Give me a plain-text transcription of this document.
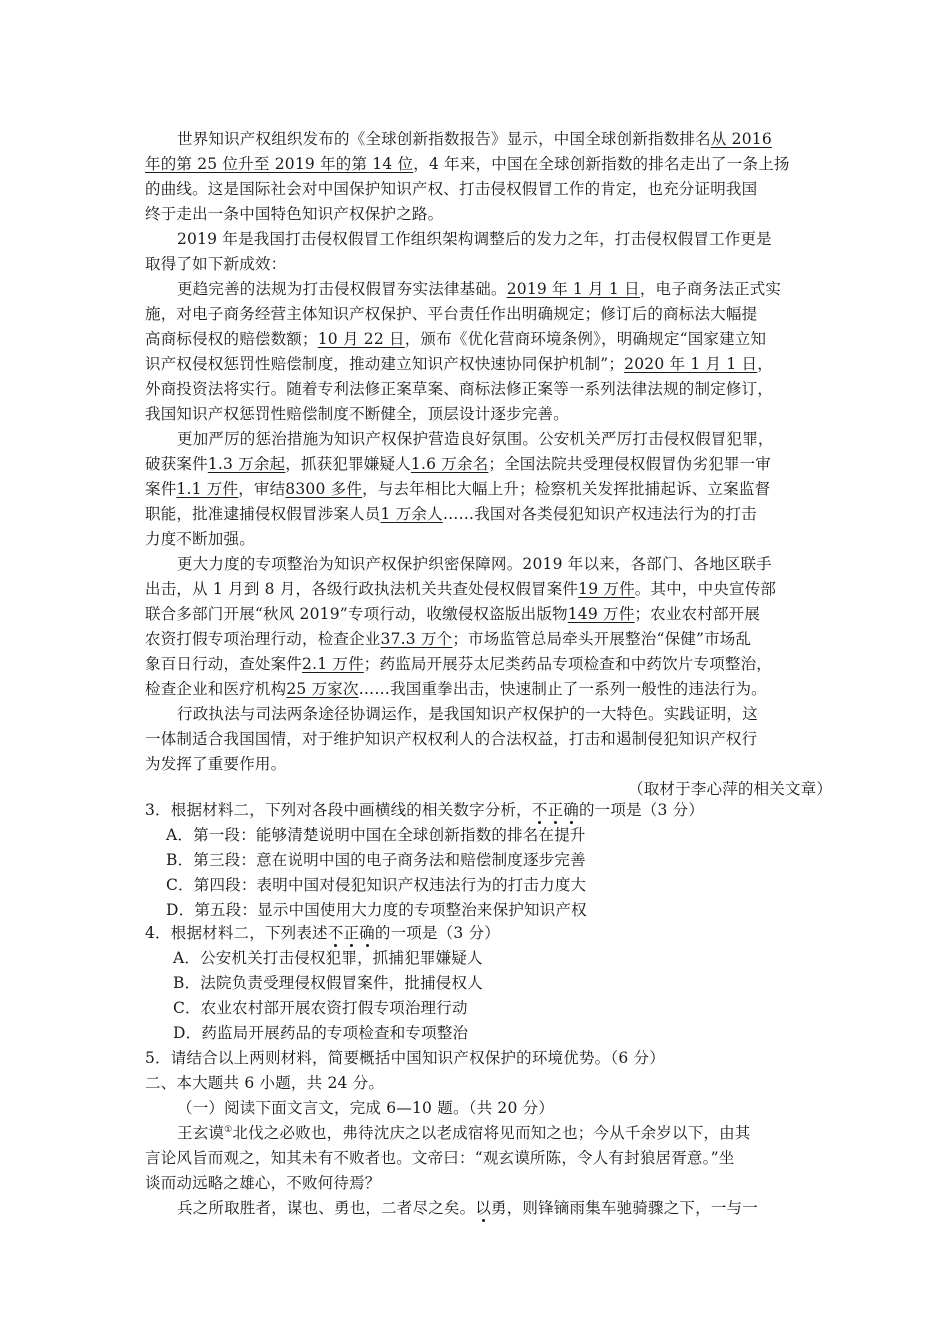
世界知识产权组织发布的《全球创新指数报告》显示，中国全球创新指数排名从 2016
年的第 25 位升至 2019 年的第 14 位，4 年来，中国在全球创新指数的排名走出了一条上扬
的曲线。这是国际社会对中国保护知识产权、打击侵权假冒工作的肯定，也充分证明我国
终于走出一条中国特色知识产权保护之路。
2019 年是我国打击侵权假冒工作组织架构调整后的发力之年，打击侵权假冒工作更是
取得了如下新成效：
更趋完善的法规为打击侵权假冒夯实法律基础。2019 年 1 月 1 日，电子商务法正式实
施，对电子商务经营主体知识产权保护、平台责任作出明确规定；修订后的商标法大幅提
高商标侵权的赔偿数额；10 月 22 日，颁布《优化营商环境条例》，明确规定“国家建立知
识产权侵权惩罚性赔偿制度，推动建立知识产权快速协同保护机制”；2020 年 1 月 1 日，
外商投资法将实行。随着专利法修正案草案、商标法修正案等一系列法律法规的制定修订，
我国知识产权惩罚性赔偿制度不断健全，顶层设计逐步完善。
更加严厉的惩治措施为知识产权保护营造良好氛围。公安机关严厉打击侵权假冒犯罪，
破获案件1.3 万余起，抓获犯罪嫌疑人1.6 万余名；全国法院共受理侵权假冒伪劣犯罪一审
案件1.1 万件，审结8300 多件，与去年相比大幅上升；检察机关发挥批捕起诉、立案监督
职能，批准逮捕侵权假冒涉案人员1 万余人……我国对各类侵犯知识产权违法行为的打击
力度不断加强。
更大力度的专项整治为知识产权保护织密保障网。2019 年以来，各部门、各地区联手
出击，从 1 月到 8 月，各级行政执法机关共查处侵权假冒案件19 万件。其中，中央宣传部
联合多部门开展“秋风 2019”专项行动，收缴侵权盗版出版物149 万件；农业农村部开展
农资打假专项治理行动，检查企业37.3 万个；市场监管总局牵头开展整治“保健”市场乱
象百日行动，查处案件2.1 万件；药监局开展芬太尼类药品专项检查和中药饮片专项整治，
检查企业和医疗机构25 万家次……我国重拳出击，快速制止了一系列一般性的违法行为。
行政执法与司法两条途径协调运作，是我国知识产权保护的一大特色。实践证明，这
一体制适合我国国情，对于维护知识产权权利人的合法权益，打击和遏制侵犯知识产权行
为发挥了重要作用。
（取材于李心萍的相关文章）
3．根据材料二，下列对各段中画横线的相关数字分析，不正确的一项是（3 分）
A．第一段：能够清楚说明中国在全球创新指数的排名在提升
B．第三段：意在说明中国的电子商务法和赔偿制度逐步完善
C．第四段：表明中国对侵犯知识产权违法行为的打击力度大
D．第五段：显示中国使用大力度的专项整治来保护知识产权
4．根据材料二，下列表述不正确的一项是（3 分）
A．公安机关打击侵权犯罪，抓捕犯罪嫌疑人
B．法院负责受理侵权假冒案件，批捕侵权人
C．农业农村部开展农资打假专项治理行动
D．药监局开展药品的专项检查和专项整治
5．请结合以上两则材料，简要概括中国知识产权保护的环境优势。（6 分）
二、本大题共 6 小题，共 24 分。
（一）阅读下面文言文，完成 6—10 题。（共 20 分）
王玄谟①北伐之必败也，弗待沈庆之以老成宿将见而知之也；今从千余岁以下，由其
言论风旨而观之，知其未有不败者也。文帝曰：“观玄谟所陈，令人有封狼居胥意。”坐
谈而动远略之雄心，不败何待焉？
兵之所取胜者，谋也、勇也，二者尽之矣。以勇，则锋镝雨集车驰骑骤之下，一与一
